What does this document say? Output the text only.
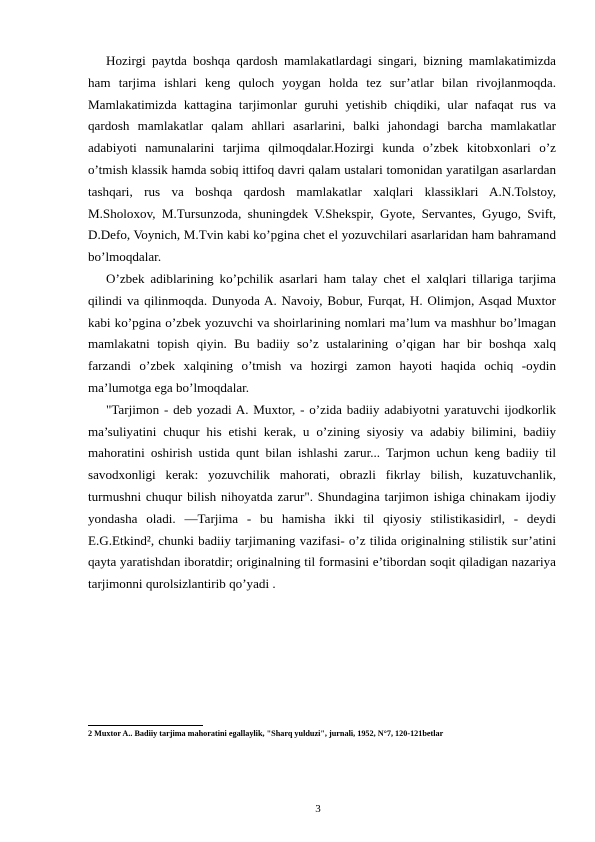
Hozirgi paytda boshqa qardosh mamlakatlardagi singari, bizning mamlakatimizda ham tarjima ishlari keng quloch yoygan holda tez sur’atlar bilan rivojlanmoqda. Mamlakatimizda kattagina tarjimonlar guruhi yetishib chiqdiki, ular nafaqat rus va qardosh mamlakatlar qalam ahllari asarlarini, balki jahondagi barcha mamlakatlar adabiyoti namunalarini tarjima qilmoqdalar.Hozirgi kunda o’zbek kitobxonlari o’z o’tmish klassik hamda sobiq ittifoq davri qalam ustalari tomonidan yaratilgan asarlardan tashqari, rus va boshqa qardosh mamlakatlar xalqlari klassiklari A.N.Tolstoy, M.Sholoxov, M.Tursunzoda, shuningdek V.Shekspir, Gyote, Servantes, Gyugo, Svift, D.Defo, Voynich, M.Tvin kabi ko’pgina chet el yozuvchilari asarlaridan ham bahramand bo’lmoqdalar.

O’zbek adiblarining ko’pchilik asarlari ham talay chet el xalqlari tillariga tarjima qilindi va qilinmoqda. Dunyoda A. Navoiy, Bobur, Furqat, H. Olimjon, Asqad Muxtor kabi ko’pgina o’zbek yozuvchi va shoirlarining nomlari ma’lum va mashhur bo’lmagan mamlakatni topish qiyin. Bu badiiy so’z ustalarining o’qigan har bir boshqa xalq farzandi o’zbek xalqining o’tmish va hozirgi zamon hayoti haqida ochiq -oydin ma’lumotga ega bo’lmoqdalar.

"Tarjimon - deb yozadi A. Muxtor, - o’zida badiiy adabiyotni yaratuvchi ijodkorlik ma’suliyatini chuqur his etishi kerak, u o’zining siyosiy va adabiy bilimini, badiiy mahoratini oshirish ustida qunt bilan ishlashi zarur... Tarjmon uchun keng badiiy til savodxonligi kerak: yozuvchilik mahorati, obrazli fikrlay bilish, kuzatuvchanlik, turmushni chuqur bilish nihoyatda zarur". Shundagina tarjimon ishiga chinakam ijodiy yondasha oladi. ―Tarjima - bu hamisha ikki til qiyosiy stilistikasidir‖, - deydi E.G.Etkind², chunki badiiy tarjimaning vazifasi- o’z tilida originalning stilistik sur’atini qayta yaratishdan iboratdir; originalning til formasini e’tibordan soqit qiladigan nazariya tarjimonni qurolsizlantirib qo’yadi .

2 Muxtor A.. Badiiy tarjima mahoratini egallaylik, "Sharq yulduzi", jurnali, 1952, N°7, 120-121betlar
3
